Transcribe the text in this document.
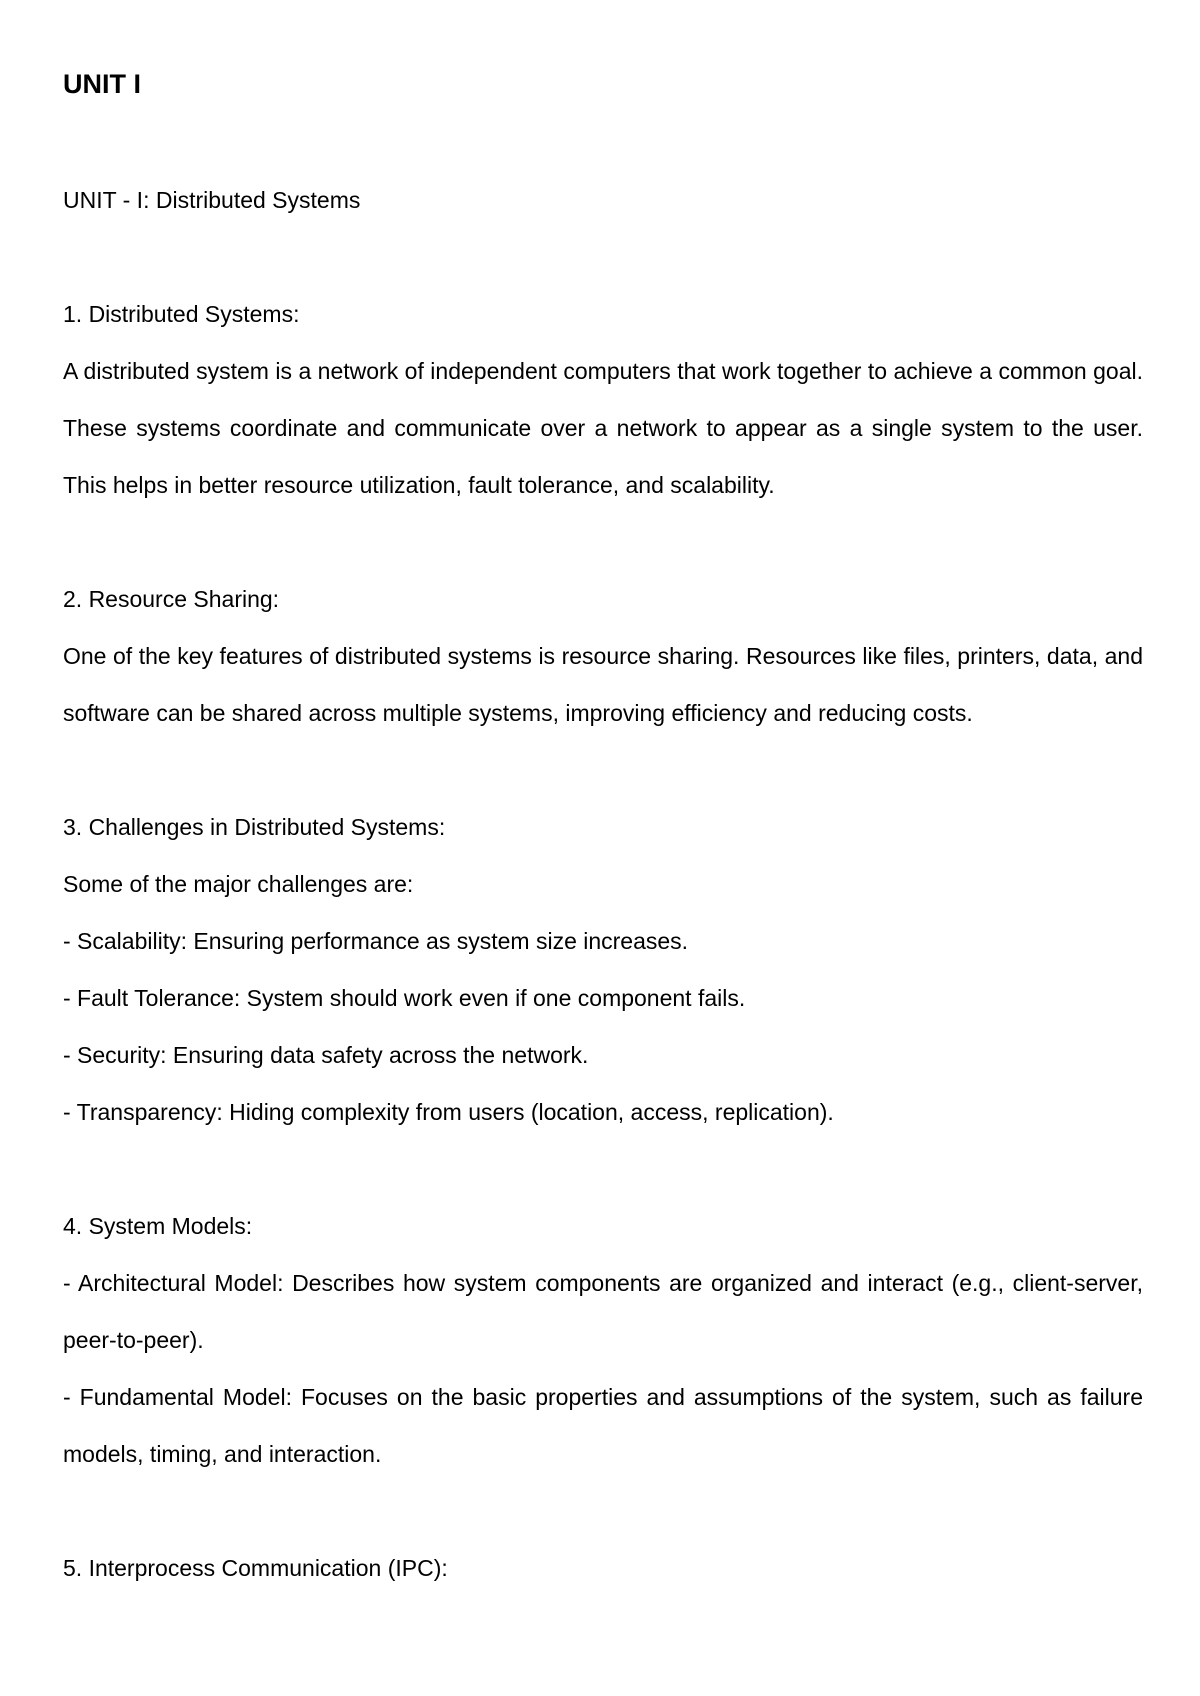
UNIT I
UNIT - I: Distributed Systems
1. Distributed Systems:
A distributed system is a network of independent computers that work together to achieve a common goal. These systems coordinate and communicate over a network to appear as a single system to the user. This helps in better resource utilization, fault tolerance, and scalability.
2. Resource Sharing:
One of the key features of distributed systems is resource sharing. Resources like files, printers, data, and software can be shared across multiple systems, improving efficiency and reducing costs.
3. Challenges in Distributed Systems:
Some of the major challenges are:
- Scalability: Ensuring performance as system size increases.
- Fault Tolerance: System should work even if one component fails.
- Security: Ensuring data safety across the network.
- Transparency: Hiding complexity from users (location, access, replication).
4. System Models:
- Architectural Model: Describes how system components are organized and interact (e.g., client-server, peer-to-peer).
- Fundamental Model: Focuses on the basic properties and assumptions of the system, such as failure models, timing, and interaction.
5. Interprocess Communication (IPC):
